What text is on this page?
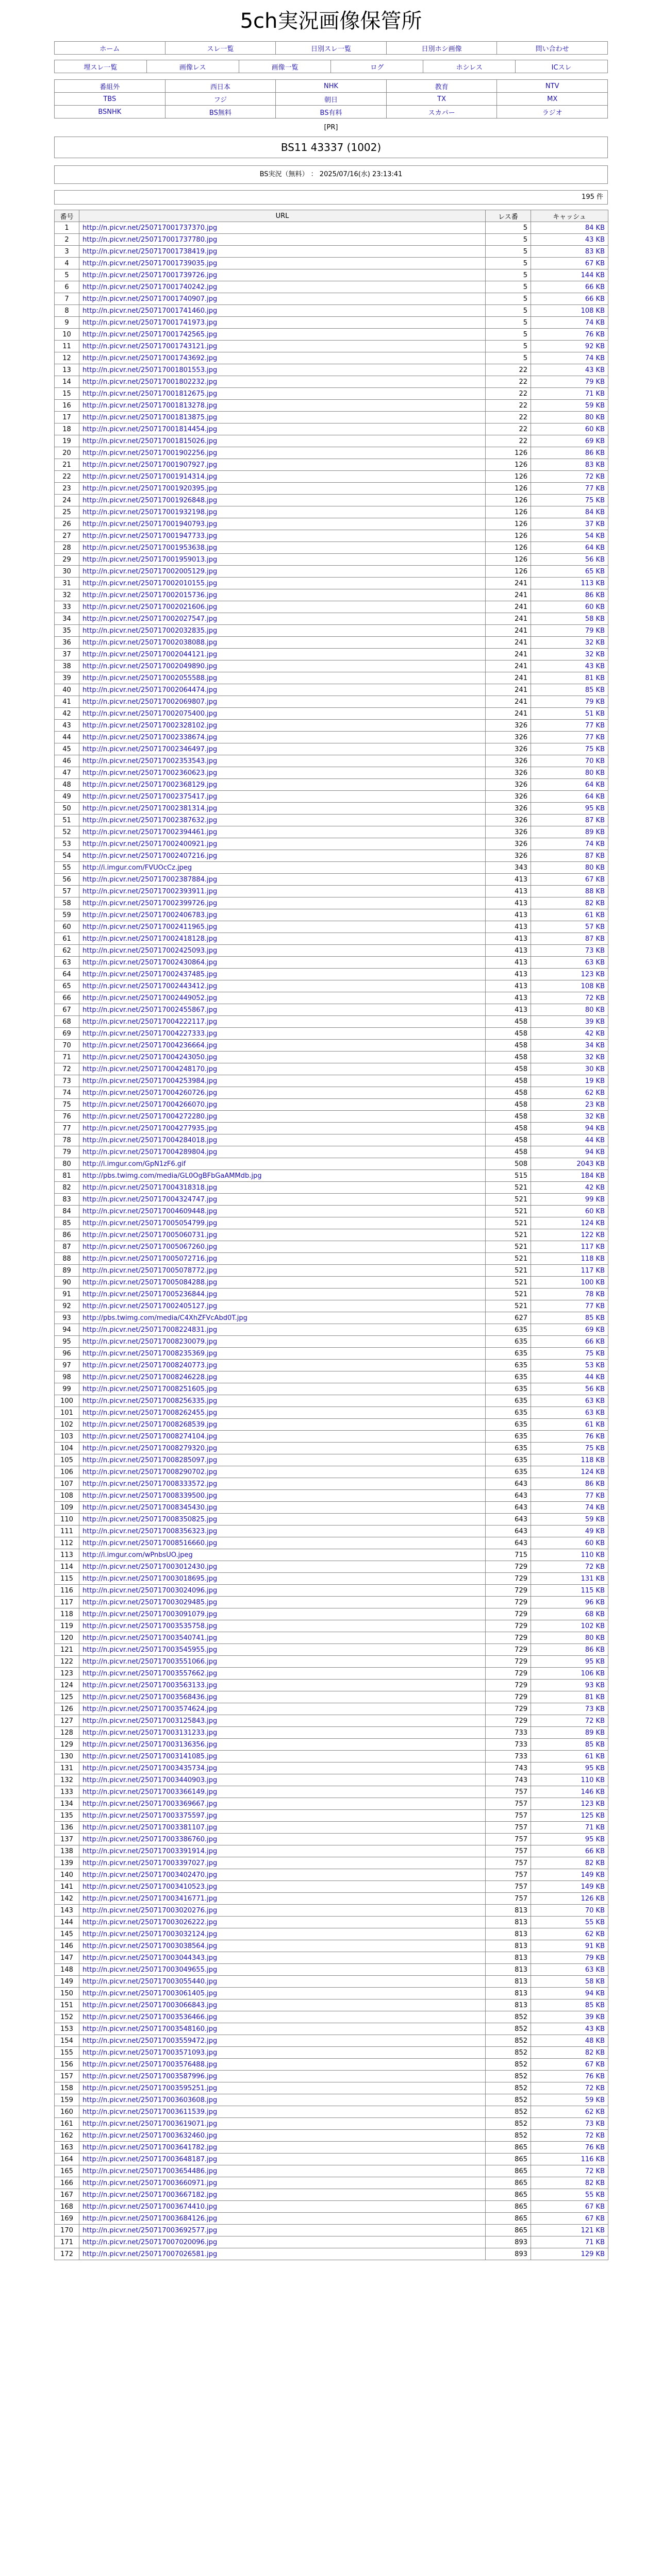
5ch実況画像保管所
ホーム	スレ一覧	日別スレ一覧	日別ホシ画像	問い合わせ
埋スレ一覧	画像レス	画像一覧	ログ	ホシレス	ICスレ
番組外	西日本	NHK	教育	NTV
TBS	フジ	朝日	TX	MX
BSNHK	BS無料	BS有料	スカパー	ラジオ
[PR]
BS11 43337 (1002)
BS実況（無料） ： 2025/07/16(水) 23:13:41
195 件
番号	URL	レス番	キャッシュ
1	http://n.picvr.net/250717001737370.jpg	5	84 KB
2	http://n.picvr.net/250717001737780.jpg	5	43 KB
3	http://n.picvr.net/250717001738419.jpg	5	83 KB
4	http://n.picvr.net/250717001739035.jpg	5	67 KB
5	http://n.picvr.net/250717001739726.jpg	5	144 KB
6	http://n.picvr.net/250717001740242.jpg	5	66 KB
7	http://n.picvr.net/250717001740907.jpg	5	66 KB
8	http://n.picvr.net/250717001741460.jpg	5	108 KB
9	http://n.picvr.net/250717001741973.jpg	5	74 KB
10	http://n.picvr.net/250717001742565.jpg	5	76 KB
11	http://n.picvr.net/250717001743121.jpg	5	92 KB
12	http://n.picvr.net/250717001743692.jpg	5	74 KB
13	http://n.picvr.net/250717001801553.jpg	22	43 KB
14	http://n.picvr.net/250717001802232.jpg	22	79 KB
15	http://n.picvr.net/250717001812675.jpg	22	71 KB
16	http://n.picvr.net/250717001813278.jpg	22	59 KB
17	http://n.picvr.net/250717001813875.jpg	22	80 KB
18	http://n.picvr.net/250717001814454.jpg	22	60 KB
19	http://n.picvr.net/250717001815026.jpg	22	69 KB
20	http://n.picvr.net/250717001902256.jpg	126	86 KB
21	http://n.picvr.net/250717001907927.jpg	126	83 KB
22	http://n.picvr.net/250717001914314.jpg	126	72 KB
23	http://n.picvr.net/250717001920395.jpg	126	77 KB
24	http://n.picvr.net/250717001926848.jpg	126	75 KB
25	http://n.picvr.net/250717001932198.jpg	126	84 KB
26	http://n.picvr.net/250717001940793.jpg	126	37 KB
27	http://n.picvr.net/250717001947733.jpg	126	54 KB
28	http://n.picvr.net/250717001953638.jpg	126	64 KB
29	http://n.picvr.net/250717001959013.jpg	126	56 KB
30	http://n.picvr.net/250717002005129.jpg	126	65 KB
31	http://n.picvr.net/250717002010155.jpg	241	113 KB
32	http://n.picvr.net/250717002015736.jpg	241	86 KB
33	http://n.picvr.net/250717002021606.jpg	241	60 KB
34	http://n.picvr.net/250717002027547.jpg	241	58 KB
35	http://n.picvr.net/250717002032835.jpg	241	79 KB
36	http://n.picvr.net/250717002038088.jpg	241	32 KB
37	http://n.picvr.net/250717002044121.jpg	241	32 KB
38	http://n.picvr.net/250717002049890.jpg	241	43 KB
39	http://n.picvr.net/250717002055588.jpg	241	81 KB
40	http://n.picvr.net/250717002064474.jpg	241	85 KB
41	http://n.picvr.net/250717002069807.jpg	241	79 KB
42	http://n.picvr.net/250717002075400.jpg	241	51 KB
43	http://n.picvr.net/250717002328102.jpg	326	77 KB
44	http://n.picvr.net/250717002338674.jpg	326	77 KB
45	http://n.picvr.net/250717002346497.jpg	326	75 KB
46	http://n.picvr.net/250717002353543.jpg	326	70 KB
47	http://n.picvr.net/250717002360623.jpg	326	80 KB
48	http://n.picvr.net/250717002368129.jpg	326	64 KB
49	http://n.picvr.net/250717002375417.jpg	326	64 KB
50	http://n.picvr.net/250717002381314.jpg	326	95 KB
51	http://n.picvr.net/250717002387632.jpg	326	87 KB
52	http://n.picvr.net/250717002394461.jpg	326	89 KB
53	http://n.picvr.net/250717002400921.jpg	326	74 KB
54	http://n.picvr.net/250717002407216.jpg	326	87 KB
55	http://i.imgur.com/FVUOcCz.jpeg	343	80 KB
56	http://n.picvr.net/250717002387884.jpg	413	67 KB
57	http://n.picvr.net/250717002393911.jpg	413	88 KB
58	http://n.picvr.net/250717002399726.jpg	413	82 KB
59	http://n.picvr.net/250717002406783.jpg	413	61 KB
60	http://n.picvr.net/250717002411965.jpg	413	57 KB
61	http://n.picvr.net/250717002418128.jpg	413	87 KB
62	http://n.picvr.net/250717002425093.jpg	413	73 KB
63	http://n.picvr.net/250717002430864.jpg	413	63 KB
64	http://n.picvr.net/250717002437485.jpg	413	123 KB
65	http://n.picvr.net/250717002443412.jpg	413	108 KB
66	http://n.picvr.net/250717002449052.jpg	413	72 KB
67	http://n.picvr.net/250717002455867.jpg	413	80 KB
68	http://n.picvr.net/250717004222117.jpg	458	39 KB
69	http://n.picvr.net/250717004227333.jpg	458	42 KB
70	http://n.picvr.net/250717004236664.jpg	458	34 KB
71	http://n.picvr.net/250717004243050.jpg	458	32 KB
72	http://n.picvr.net/250717004248170.jpg	458	30 KB
73	http://n.picvr.net/250717004253984.jpg	458	19 KB
74	http://n.picvr.net/250717004260726.jpg	458	62 KB
75	http://n.picvr.net/250717004266070.jpg	458	23 KB
76	http://n.picvr.net/250717004272280.jpg	458	32 KB
77	http://n.picvr.net/250717004277935.jpg	458	94 KB
78	http://n.picvr.net/250717004284018.jpg	458	44 KB
79	http://n.picvr.net/250717004289804.jpg	458	94 KB
80	http://i.imgur.com/GpN1zF6.gif	508	2043 KB
81	http://pbs.twimg.com/media/GL0OgBFbGaAMMdb.jpg	515	184 KB
82	http://n.picvr.net/250717004318318.jpg	521	42 KB
83	http://n.picvr.net/250717004324747.jpg	521	99 KB
84	http://n.picvr.net/250717004609448.jpg	521	60 KB
85	http://n.picvr.net/250717005054799.jpg	521	124 KB
86	http://n.picvr.net/250717005060731.jpg	521	122 KB
87	http://n.picvr.net/250717005067260.jpg	521	117 KB
88	http://n.picvr.net/250717005072716.jpg	521	118 KB
89	http://n.picvr.net/250717005078772.jpg	521	117 KB
90	http://n.picvr.net/250717005084288.jpg	521	100 KB
91	http://n.picvr.net/250717005236844.jpg	521	78 KB
92	http://n.picvr.net/250717002405127.jpg	521	77 KB
93	http://pbs.twimg.com/media/C4XhZFVcAbd0T.jpg	627	85 KB
94	http://n.picvr.net/250717008224831.jpg	635	69 KB
95	http://n.picvr.net/250717008230079.jpg	635	66 KB
96	http://n.picvr.net/250717008235369.jpg	635	75 KB
97	http://n.picvr.net/250717008240773.jpg	635	53 KB
98	http://n.picvr.net/250717008246228.jpg	635	44 KB
99	http://n.picvr.net/250717008251605.jpg	635	56 KB
100	http://n.picvr.net/250717008256335.jpg	635	63 KB
101	http://n.picvr.net/250717008262455.jpg	635	63 KB
102	http://n.picvr.net/250717008268539.jpg	635	61 KB
103	http://n.picvr.net/250717008274104.jpg	635	76 KB
104	http://n.picvr.net/250717008279320.jpg	635	75 KB
105	http://n.picvr.net/250717008285097.jpg	635	118 KB
106	http://n.picvr.net/250717008290702.jpg	635	124 KB
107	http://n.picvr.net/250717008333572.jpg	643	86 KB
108	http://n.picvr.net/250717008339500.jpg	643	77 KB
109	http://n.picvr.net/250717008345430.jpg	643	74 KB
110	http://n.picvr.net/250717008350825.jpg	643	59 KB
111	http://n.picvr.net/250717008356323.jpg	643	49 KB
112	http://n.picvr.net/250717008516660.jpg	643	60 KB
113	http://i.imgur.com/wPnbsUO.jpeg	715	110 KB
114	http://n.picvr.net/250717003012430.jpg	729	72 KB
115	http://n.picvr.net/250717003018695.jpg	729	131 KB
116	http://n.picvr.net/250717003024096.jpg	729	115 KB
117	http://n.picvr.net/250717003029485.jpg	729	96 KB
118	http://n.picvr.net/250717003091079.jpg	729	68 KB
119	http://n.picvr.net/250717003535758.jpg	729	102 KB
120	http://n.picvr.net/250717003540741.jpg	729	80 KB
121	http://n.picvr.net/250717003545955.jpg	729	86 KB
122	http://n.picvr.net/250717003551066.jpg	729	95 KB
123	http://n.picvr.net/250717003557662.jpg	729	106 KB
124	http://n.picvr.net/250717003563133.jpg	729	93 KB
125	http://n.picvr.net/250717003568436.jpg	729	81 KB
126	http://n.picvr.net/250717003574624.jpg	729	73 KB
127	http://n.picvr.net/250717003125843.jpg	729	72 KB
128	http://n.picvr.net/250717003131233.jpg	733	89 KB
129	http://n.picvr.net/250717003136356.jpg	733	85 KB
130	http://n.picvr.net/250717003141085.jpg	733	61 KB
131	http://n.picvr.net/250717003435734.jpg	743	95 KB
132	http://n.picvr.net/250717003440903.jpg	743	110 KB
133	http://n.picvr.net/250717003366149.jpg	757	146 KB
134	http://n.picvr.net/250717003369667.jpg	757	123 KB
135	http://n.picvr.net/250717003375597.jpg	757	125 KB
136	http://n.picvr.net/250717003381107.jpg	757	71 KB
137	http://n.picvr.net/250717003386760.jpg	757	95 KB
138	http://n.picvr.net/250717003391914.jpg	757	66 KB
139	http://n.picvr.net/250717003397027.jpg	757	82 KB
140	http://n.picvr.net/250717003402470.jpg	757	149 KB
141	http://n.picvr.net/250717003410523.jpg	757	149 KB
142	http://n.picvr.net/250717003416771.jpg	757	126 KB
143	http://n.picvr.net/250717003020276.jpg	813	70 KB
144	http://n.picvr.net/250717003026222.jpg	813	55 KB
145	http://n.picvr.net/250717003032124.jpg	813	62 KB
146	http://n.picvr.net/250717003038564.jpg	813	91 KB
147	http://n.picvr.net/250717003044343.jpg	813	79 KB
148	http://n.picvr.net/250717003049655.jpg	813	63 KB
149	http://n.picvr.net/250717003055440.jpg	813	58 KB
150	http://n.picvr.net/250717003061405.jpg	813	94 KB
151	http://n.picvr.net/250717003066843.jpg	813	85 KB
152	http://n.picvr.net/250717003536466.jpg	852	39 KB
153	http://n.picvr.net/250717003548160.jpg	852	43 KB
154	http://n.picvr.net/250717003559472.jpg	852	48 KB
155	http://n.picvr.net/250717003571093.jpg	852	82 KB
156	http://n.picvr.net/250717003576488.jpg	852	67 KB
157	http://n.picvr.net/250717003587996.jpg	852	76 KB
158	http://n.picvr.net/250717003595251.jpg	852	72 KB
159	http://n.picvr.net/250717003603608.jpg	852	59 KB
160	http://n.picvr.net/250717003611539.jpg	852	62 KB
161	http://n.picvr.net/250717003619071.jpg	852	73 KB
162	http://n.picvr.net/250717003632460.jpg	852	72 KB
163	http://n.picvr.net/250717003641782.jpg	865	76 KB
164	http://n.picvr.net/250717003648187.jpg	865	116 KB
165	http://n.picvr.net/250717003654486.jpg	865	72 KB
166	http://n.picvr.net/250717003660971.jpg	865	82 KB
167	http://n.picvr.net/250717003667182.jpg	865	55 KB
168	http://n.picvr.net/250717003674410.jpg	865	67 KB
169	http://n.picvr.net/250717003684126.jpg	865	67 KB
170	http://n.picvr.net/250717003692577.jpg	865	121 KB
171	http://n.picvr.net/250717007020096.jpg	893	71 KB
172	http://n.picvr.net/250717007026581.jpg	893	129 KB
